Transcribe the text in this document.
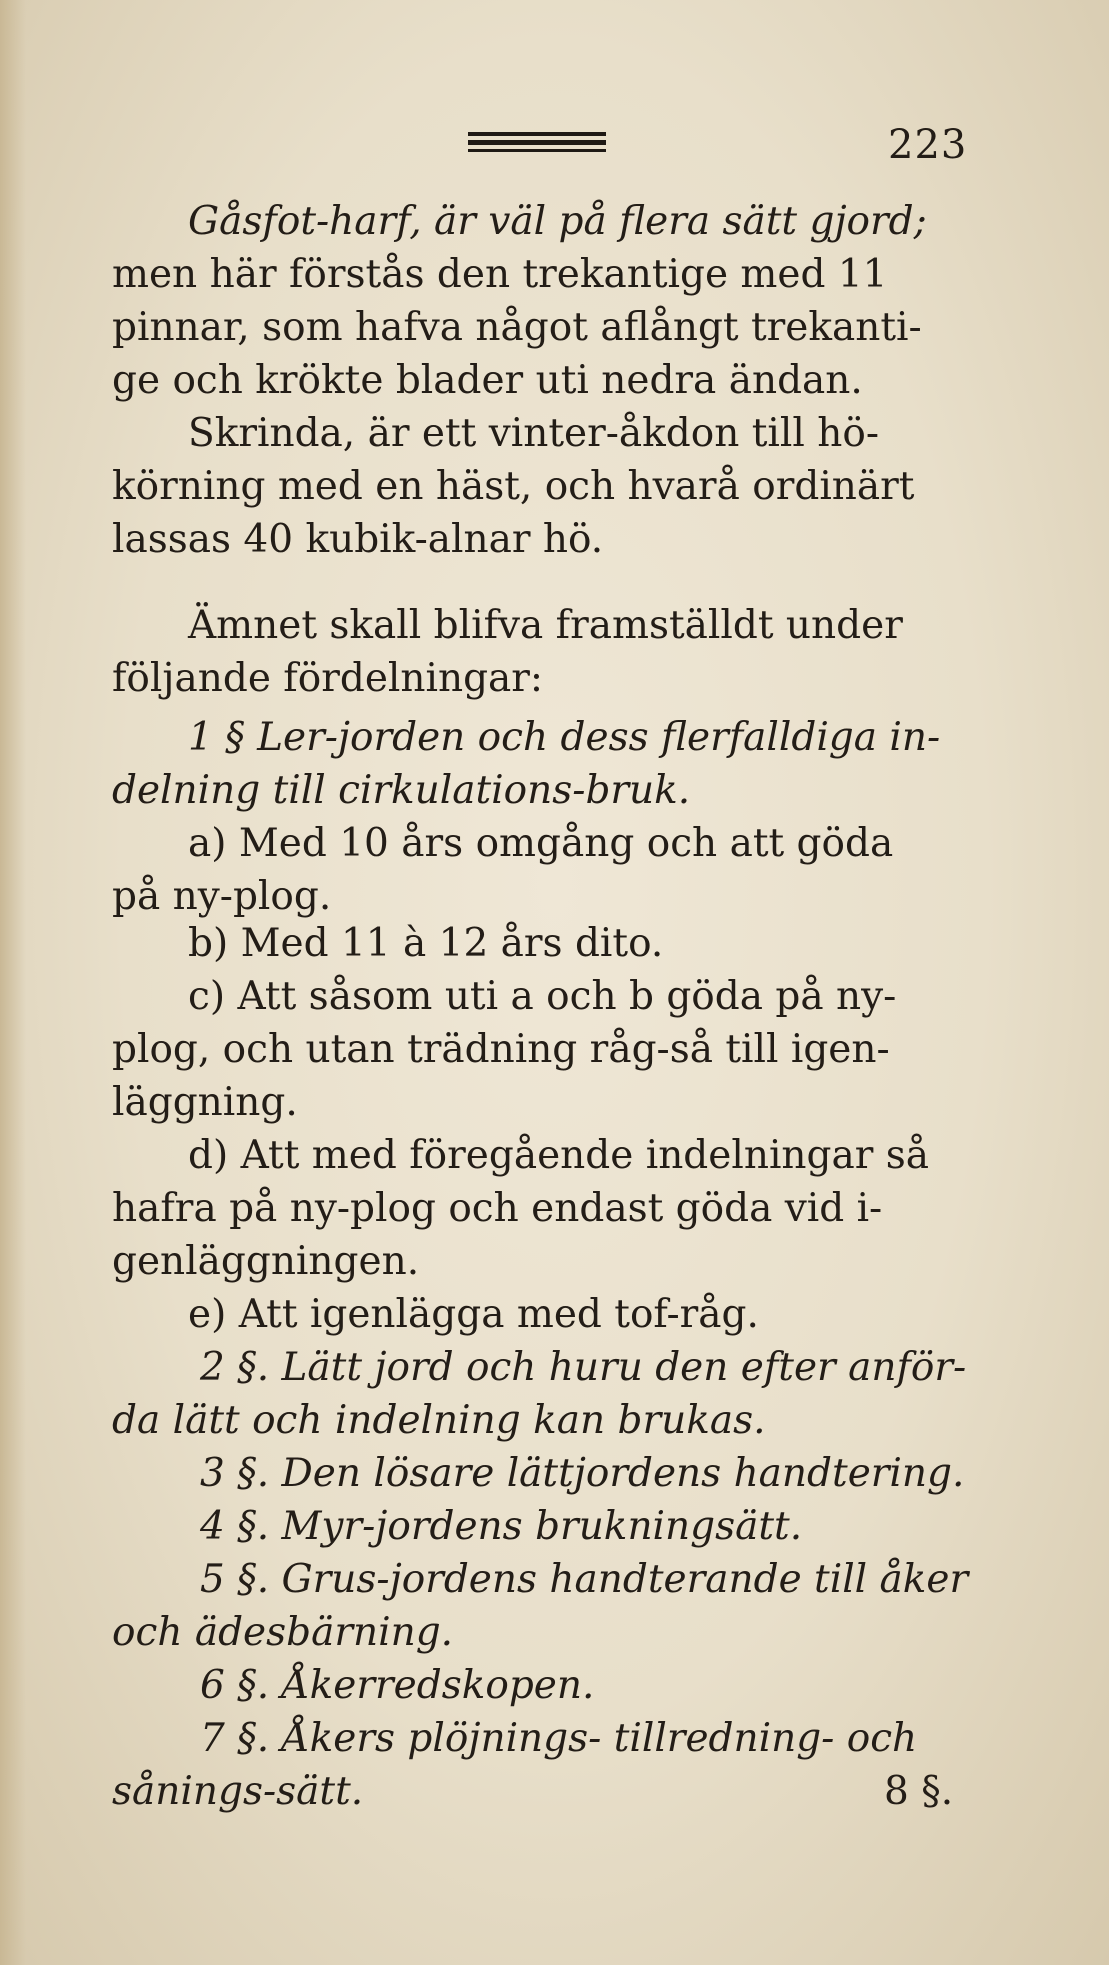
223
Gåsfot-harf, är väl på flera sätt gjord;
men här förstås den trekantige med 11
pinnar, som hafva något aflångt trekanti-
ge och krökte blader uti nedra ändan.
Skrinda, är ett vinter-åkdon till hö-
körning med en häst, och hvarå ordinärt
lassas 40 kubik-alnar hö.
Ämnet skall blifva framställdt under
följande fördelningar:
1 § Ler-jorden och dess flerfalldiga in-
delning till cirkulations-bruk.
a) Med 10 års omgång och att göda
på ny-plog.
b) Med 11 à 12 års dito.
c) Att såsom uti a och b göda på ny-
plog, och utan trädning råg-så till igen-
läggning.
d) Att med föregående indelningar så
hafra på ny-plog och endast göda vid i-
genläggningen.
e) Att igenlägga med tof-råg.
2 §. Lätt jord och huru den efter anför-
da lätt och indelning kan brukas.
3 §. Den lösare lättjordens handtering.
4 §. Myr-jordens brukningsätt.
5 §. Grus-jordens handterande till åker
och ädesbärning.
6 §. Åkerredskopen.
7 §. Åkers plöjnings- tillredning- och
sånings-sätt.	8 §.
